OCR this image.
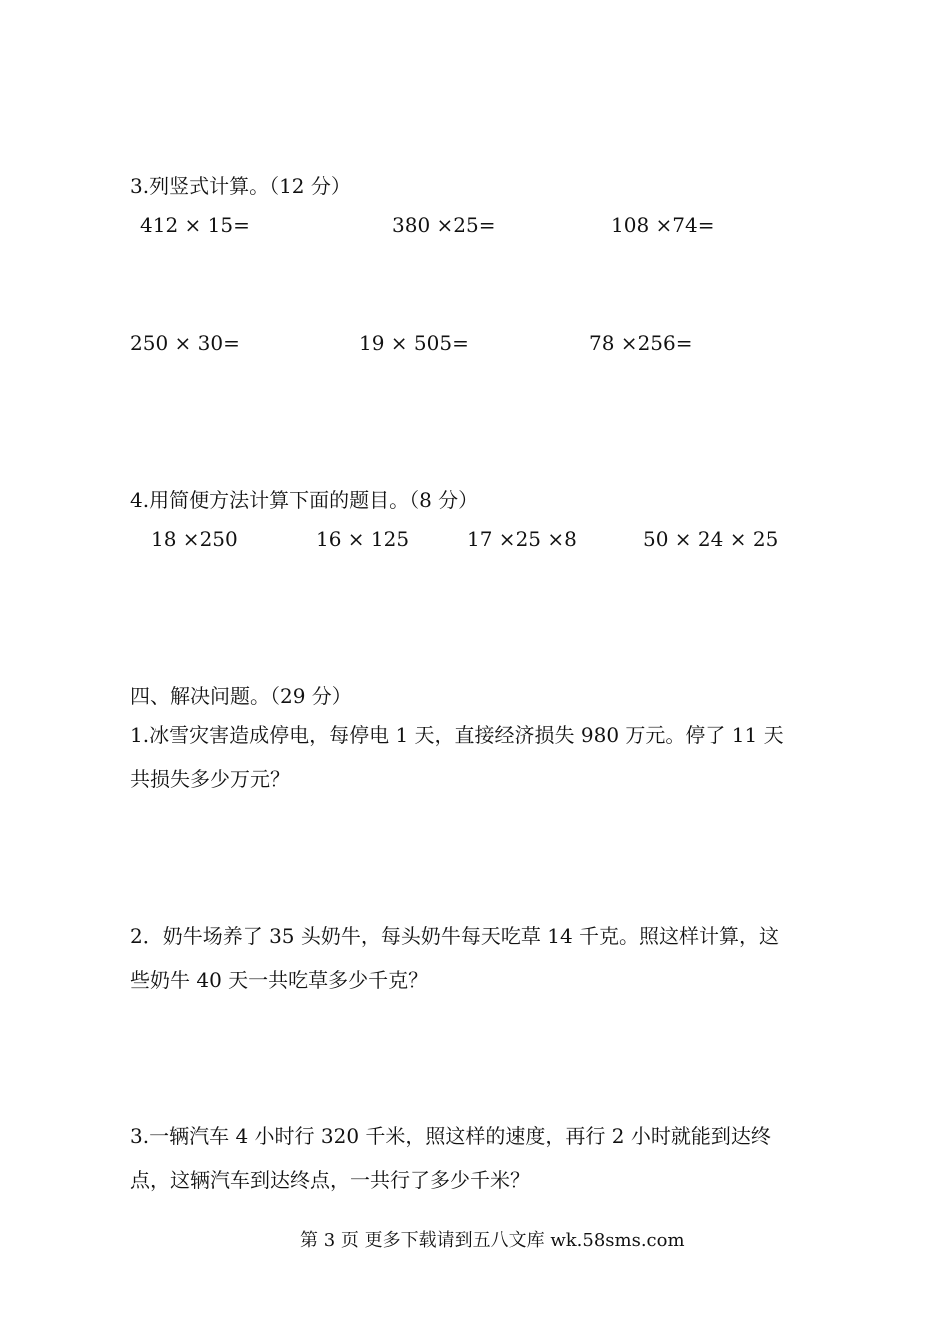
3.列竖式计算。（12 分）
412 × 15=	380 ×25=	108 ×74=
250 × 30=	19 × 505=	78 ×256=
4.用简便方法计算下面的题目。（8 分）
18 ×250	16 × 125	17 ×25 ×8	50 × 24 × 25
四、解决问题。（29 分）
1.冰雪灾害造成停电，每停电 1 天，直接经济损失 980 万元。停了 11 天
共损失多少万元？
2．奶牛场养了 35 头奶牛，每头奶牛每天吃草 14 千克。照这样计算，这
些奶牛 40 天一共吃草多少千克？
3.一辆汽车 4 小时行 320 千米，照这样的速度，再行 2 小时就能到达终
点，这辆汽车到达终点，一共行了多少千米？
第 3 页 更多下载请到五八文库 wk.58sms.com
